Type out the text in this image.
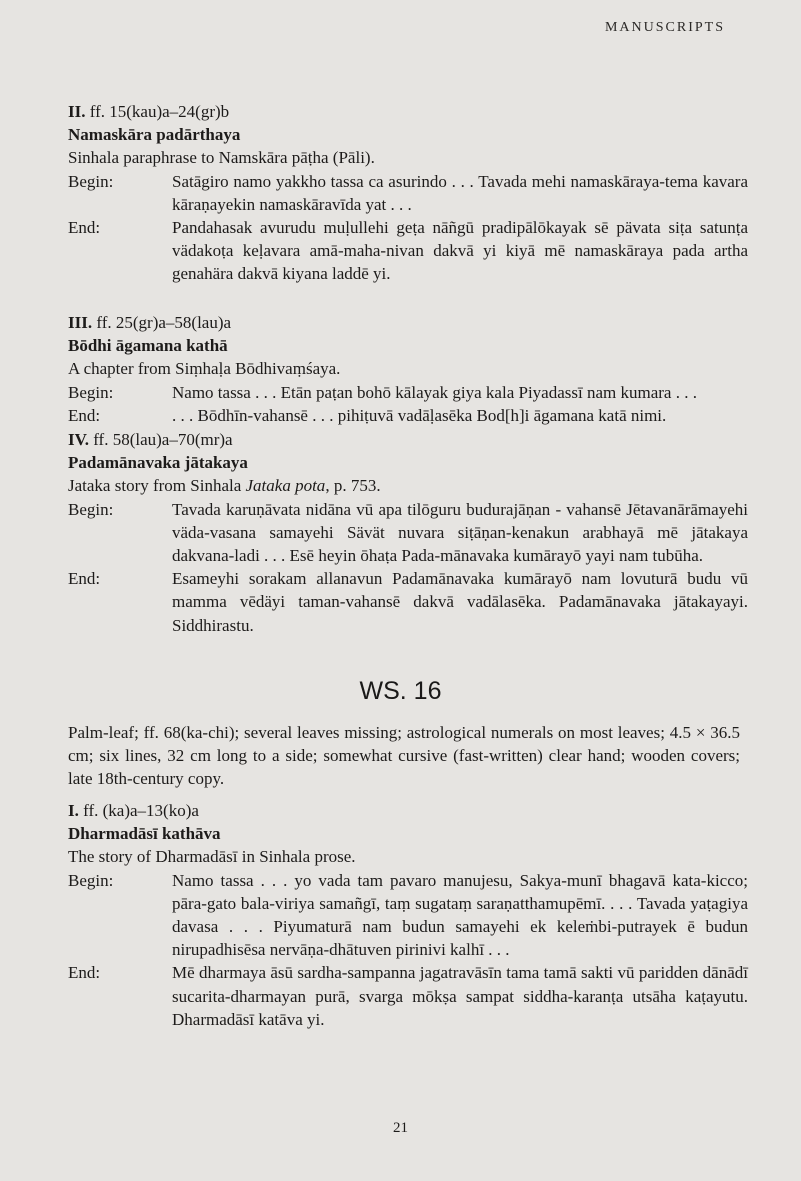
MANUSCRIPTS
II. ff. 15(kau)a–24(gr)b
Namaskāra padārthaya
Sinhala paraphrase to Namskāra pāṭha (Pāli).
Begin:	Satāgiro namo yakkho tassa ca asurindo . . . Tavada mehi namaskāraya-tema kavara kāraṇayekin namaskāravīda yat . . .
End:	Pandahasak avurudu muḷullehi geṭa nāñgū pradipālōkayak sē pävata siṭa satunṭa vädakoṭa keḷavara amā-maha-nivan dakvā yi kiyā mē namaskāraya pada artha genahära dakvā kiyana laddē yi.
III. ff. 25(gr)a–58(lau)a
Bōdhi āgamana kathā
A chapter from Siṃhaḷa Bōdhivaṃśaya.
Begin:	Namo tassa . . . Etān paṭan bohō kālayak giya kala Piyadassī nam kumara . . .
End:	. . . Bōdhīn-vahansē . . . pihiṭuvā vadāḷasēka Bod[h]i āgamana katā nimi.
IV. ff. 58(lau)a–70(mr)a
Padamānavaka jātakaya
Jataka story from Sinhala Jataka pota, p. 753.
Begin:	Tavada karuṇāvata nidāna vū apa tilōguru budurajāṇan - vahansē Jētavanārāmayehi väda-vasana samayehi Sävät nuvara siṭāṇan-kenakun arabhayā mē jātakaya dakvana-ladi . . . Esē heyin ōhaṭa Pada-mānavaka kumārayō yayi nam tubūha.
End:	Esameyhi sorakam allanavun Padamānavaka kumārayō nam lovuturā budu vū mamma vēdäyi taman-vahansē dakvā vadālasēka. Padamānavaka jātakayayi. Siddhirastu.
WS. 16
Palm-leaf; ff. 68(ka-chi); several leaves missing; astrological numerals on most leaves; 4.5 × 36.5 cm; six lines, 32 cm long to a side; somewhat cursive (fast-written) clear hand; wooden covers; late 18th-century copy.
I. ff. (ka)a–13(ko)a
Dharmadāsī kathāva
The story of Dharmadāsī in Sinhala prose.
Begin:	Namo tassa . . . yo vada tam pavaro manujesu, Sakya-munī bhagavā kata-kicco; pāra-gato bala-viriya samañgī, taṃ sugataṃ saraṇatthamupēmī. . . . Tavada yaṭagiya davasa . . . Piyumaturā nam budun samayehi ek keleṁbi-putrayek ē budun nirupadhisēsa nervāṇa-dhātuven pirinivi kalhī . . .
End:	Mē dharmaya āsū sardha-sampanna jagatravāsīn tama tamā sakti vū paridden dānādī sucarita-dharmayan purā, svarga mōkṣa sampat siddha-karanṭa utsāha kaṭayutu. Dharmadāsī katāva yi.
21
